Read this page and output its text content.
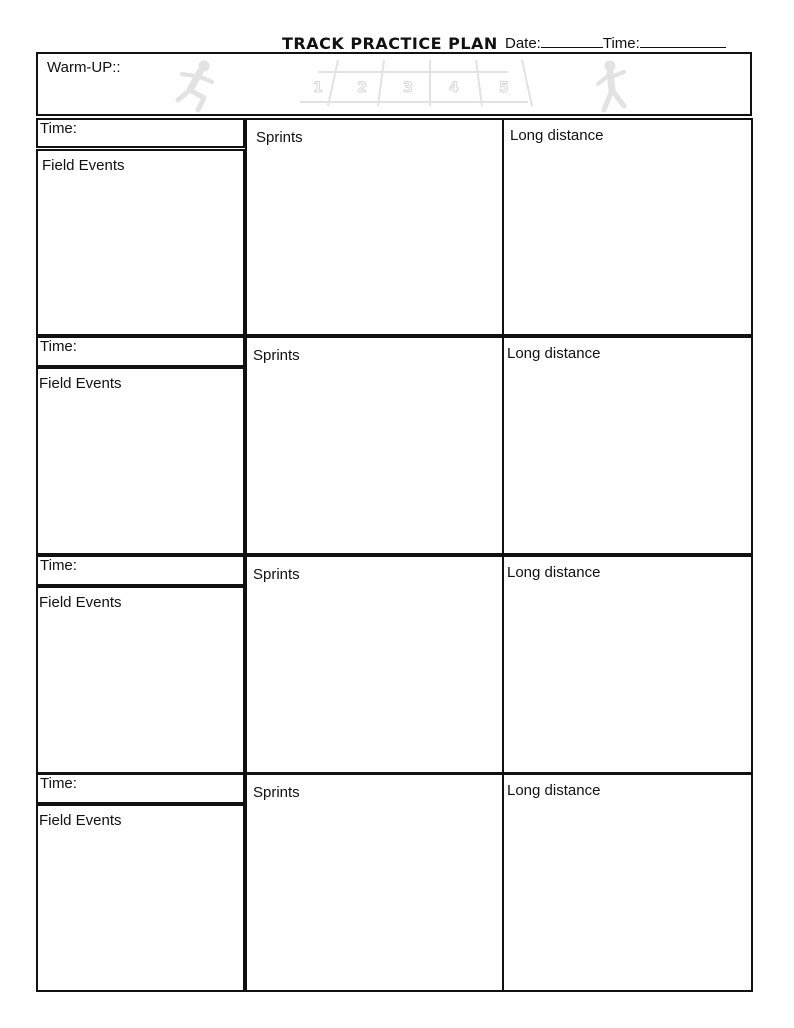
TRACK PRACTICE PLAN Date:	Time:
1 2	3	4	5
Warm-UP::
Time:
Field Events
Sprints	Long distance
Time:
Field Events
Sprints	Long distance
Time:
Field Events
Sprints	Long distance
Time:
Field Events
Sprints	Long distance
